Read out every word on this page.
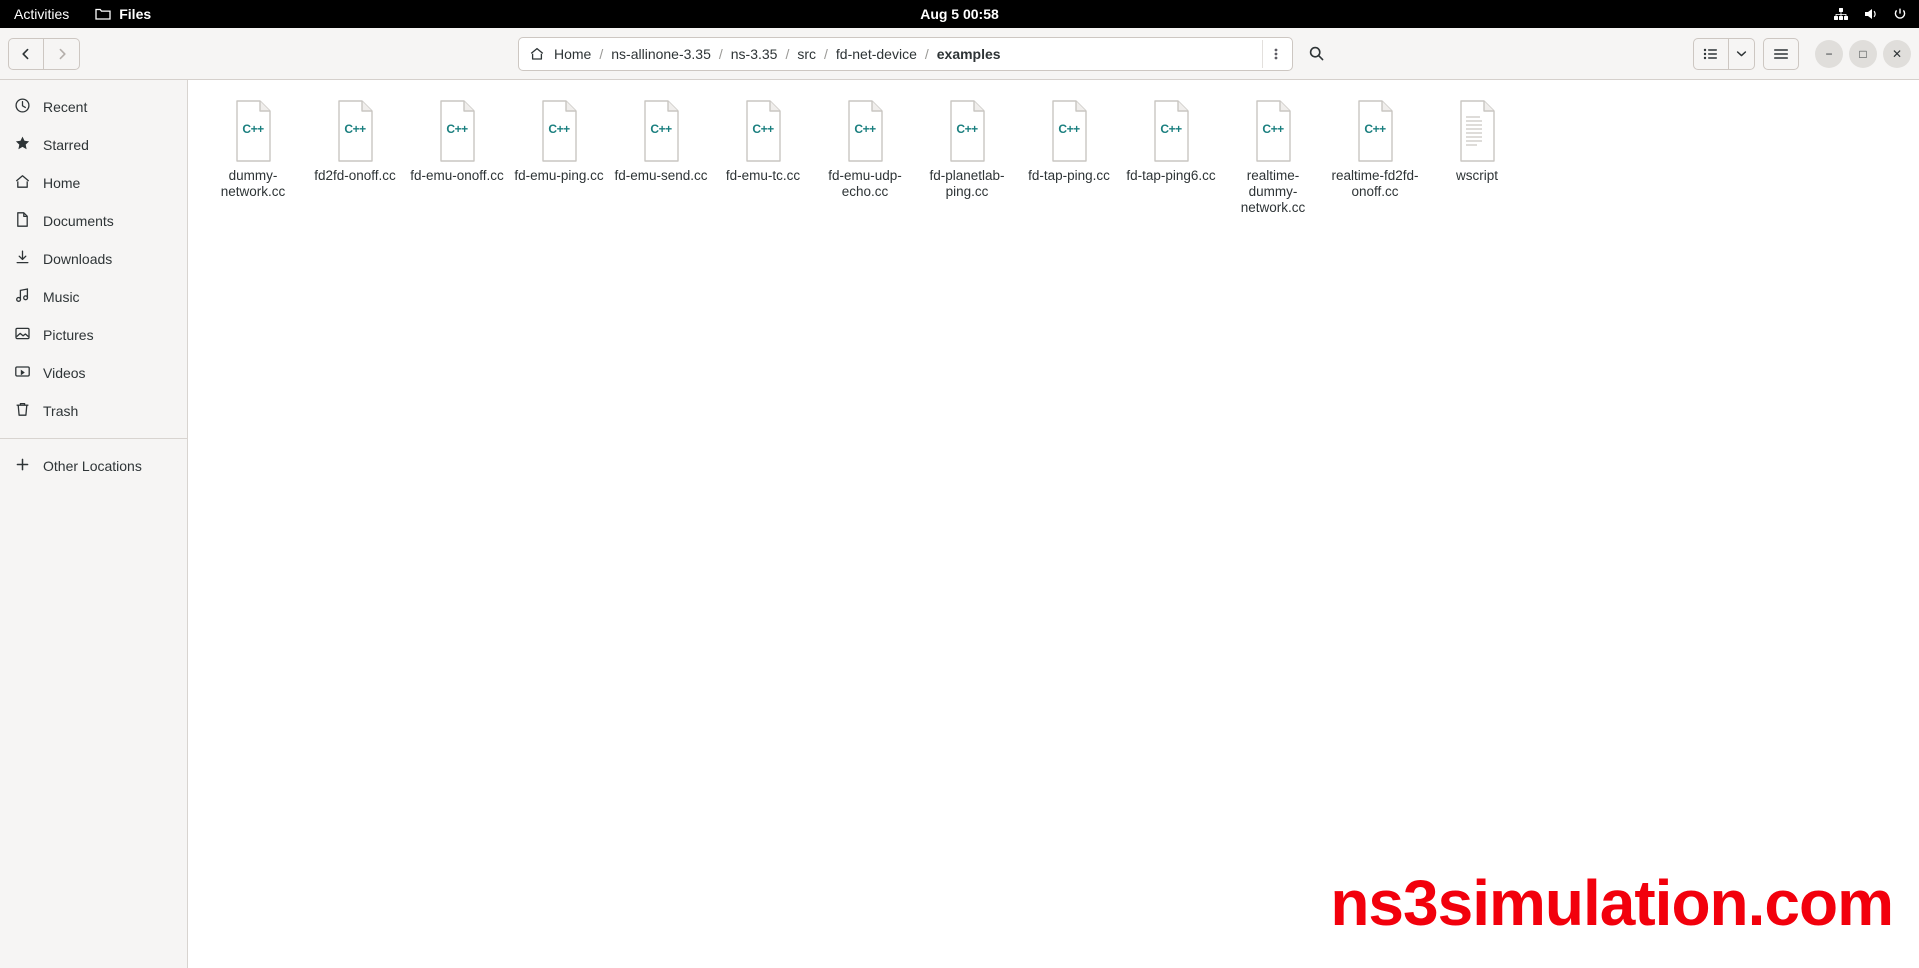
Activities	Files	Aug 5 00:58
Home / ns-allinone-3.35 / ns-3.35 / src / fd-net-device / examples	−	□	✕
Recent
Starred
Home
Documents
Downloads
Music
Pictures
Videos
Trash
Other Locations
C++
dummy-network.cc
C++
fd2fd-onoff.cc
C++
fd-emu-onoff.cc
C++
fd-emu-ping.cc
C++
fd-emu-send.cc
C++
fd-emu-tc.cc
C++
fd-emu-udp-echo.cc
C++
fd-planetlab-ping.cc
C++
fd-tap-ping.cc
C++
fd-tap-ping6.cc
C++
realtime-dummy-network.cc
C++
realtime-fd2fd-onoff.cc
wscript
ns3simulation.com
